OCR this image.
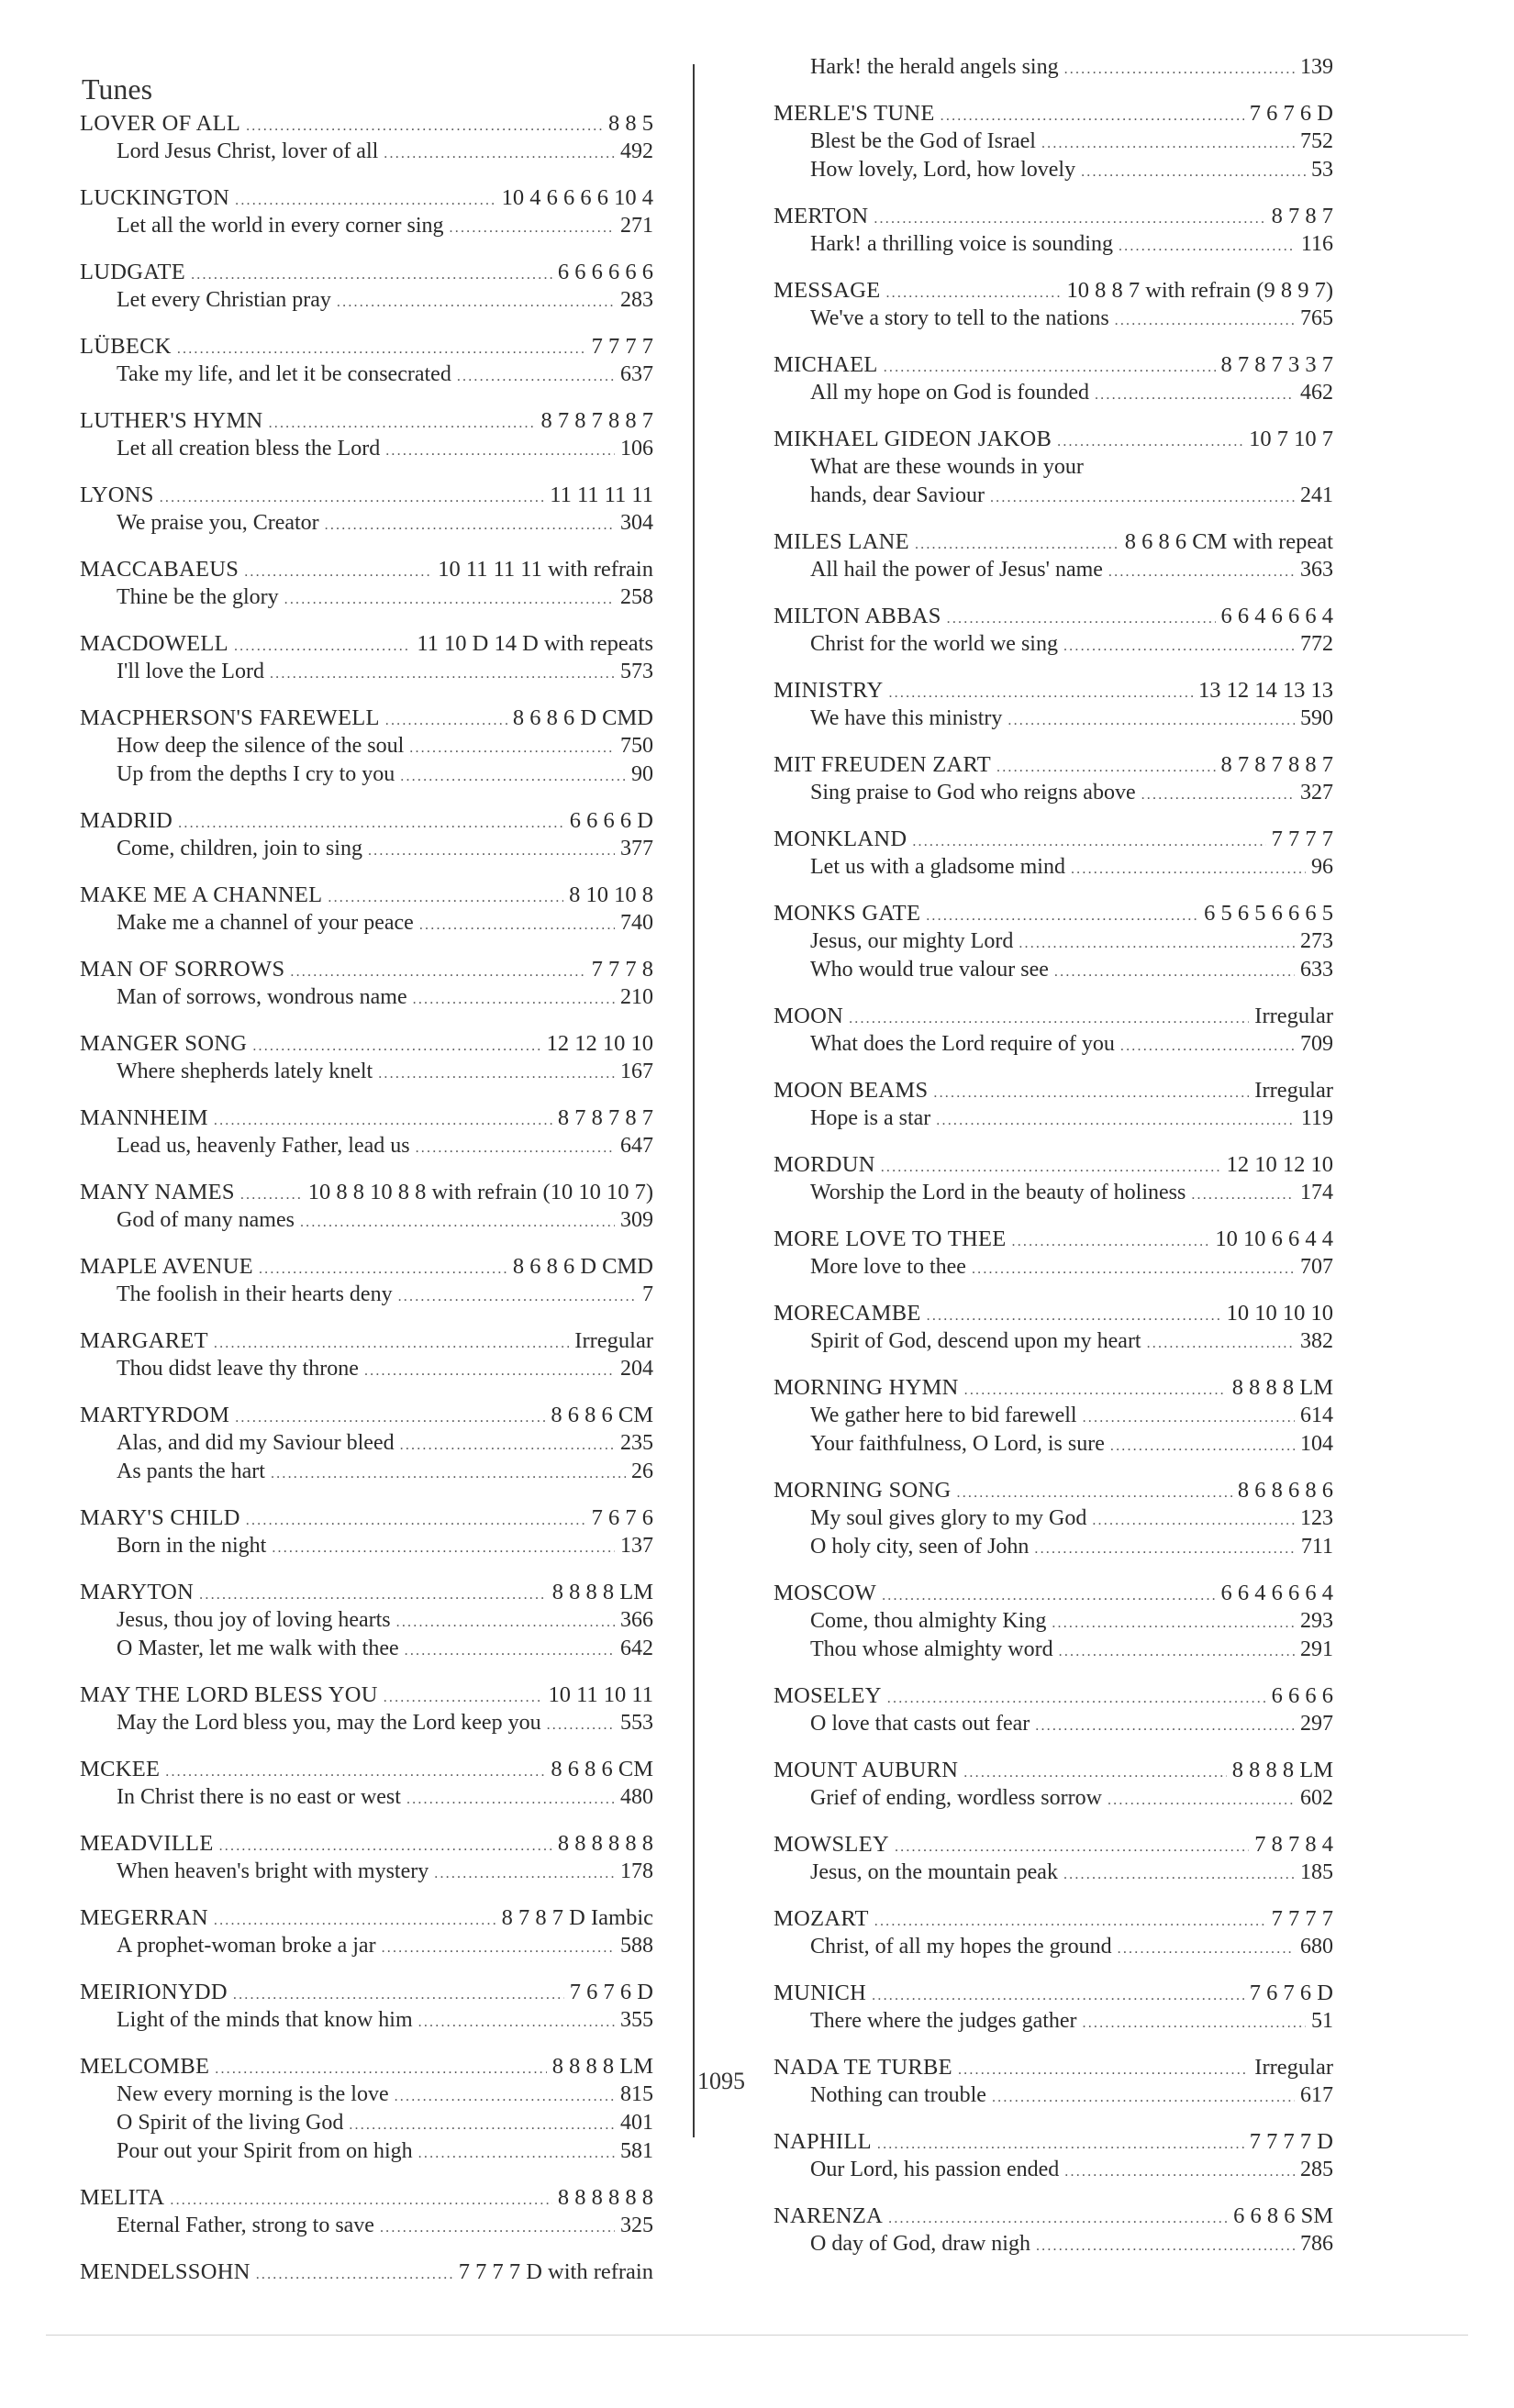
Tunes
LOVER OF ALL .....	8 8 5
Lord Jesus Christ, lover of all .....	492
LUCKINGTON .....	10 4 6 6 6 6 10 4
Let all the world in every corner sing .....	271
LUDGATE .....	6 6 6 6 6 6
Let every Christian pray .....	283
LÜBECK .....	7 7 7 7
Take my life, and let it be consecrated .....	637
LUTHER'S HYMN .....	8 7 8 7 8 8 7
Let all creation bless the Lord .....	106
LYONS .....	11 11 11 11
We praise you, Creator .....	304
MACCABAEUS .....	10 11 11 11 with refrain
Thine be the glory .....	258
MACDOWELL .....	11 10 D 14 D with repeats
I'll love the Lord .....	573
MACPHERSON'S FAREWELL .....	8 6 8 6 D CMD
How deep the silence of the soul .....	750
Up from the depths I cry to you .....	90
MADRID .....	6 6 6 6 D
Come, children, join to sing .....	377
MAKE ME A CHANNEL .....	8 10 10 8
Make me a channel of your peace .....	740
MAN OF SORROWS .....	7 7 7 8
Man of sorrows, wondrous name .....	210
MANGER SONG .....	12 12 10 10
Where shepherds lately knelt .....	167
MANNHEIM .....	8 7 8 7 8 7
Lead us, heavenly Father, lead us .....	647
MANY NAMES .....	10 8 8 10 8 8 with refrain (10 10 10 7)
God of many names .....	309
MAPLE AVENUE .....	8 6 8 6 D CMD
The foolish in their hearts deny .....	7
MARGARET .....	Irregular
Thou didst leave thy throne .....	204
MARTYRDOM .....	8 6 8 6 CM
Alas, and did my Saviour bleed .....	235
As pants the hart .....	26
MARY'S CHILD .....	7 6 7 6
Born in the night .....	137
MARYTON .....	8 8 8 8 LM
Jesus, thou joy of loving hearts .....	366
O Master, let me walk with thee .....	642
MAY THE LORD BLESS YOU .....	10 11 10 11
May the Lord bless you, may the Lord keep you .....	553
MCKEE .....	8 6 8 6 CM
In Christ there is no east or west .....	480
MEADVILLE .....	8 8 8 8 8 8
When heaven's bright with mystery .....	178
MEGERRAN .....	8 7 8 7 D Iambic
A prophet-woman broke a jar .....	588
MEIRIONYDD .....	7 6 7 6 D
Light of the minds that know him .....	355
MELCOMBE .....	8 8 8 8 LM
New every morning is the love .....	815
O Spirit of the living God .....	401
Pour out your Spirit from on high .....	581
MELITA .....	8 8 8 8 8 8
Eternal Father, strong to save .....	325
MENDELSSOHN .....	7 7 7 7 D with refrain
Hark! the herald angels sing .....	139
MERLE'S TUNE .....	7 6 7 6 D
Blest be the God of Israel .....	752
How lovely, Lord, how lovely .....	53
MERTON .....	8 7 8 7
Hark! a thrilling voice is sounding .....	116
MESSAGE .....	10 8 8 7 with refrain (9 8 9 7)
We've a story to tell to the nations .....	765
MICHAEL .....	8 7 8 7 3 3 7
All my hope on God is founded .....	462
MIKHAEL GIDEON JAKOB .....	10 7 10 7
What are these wounds in your
hands, dear Saviour .....	241
MILES LANE .....	8 6 8 6 CM with repeat
All hail the power of Jesus' name .....	363
MILTON ABBAS .....	6 6 4 6 6 6 4
Christ for the world we sing .....	772
MINISTRY .....	13 12 14 13 13
We have this ministry .....	590
MIT FREUDEN ZART .....	8 7 8 7 8 8 7
Sing praise to God who reigns above .....	327
MONKLAND .....	7 7 7 7
Let us with a gladsome mind .....	96
MONKS GATE .....	6 5 6 5 6 6 6 5
Jesus, our mighty Lord .....	273
Who would true valour see .....	633
MOON .....	Irregular
What does the Lord require of you .....	709
MOON BEAMS .....	Irregular
Hope is a star .....	119
MORDUN .....	12 10 12 10
Worship the Lord in the beauty of holiness .....	174
MORE LOVE TO THEE .....	10 10 6 6 4 4
More love to thee .....	707
MORECAMBE .....	10 10 10 10
Spirit of God, descend upon my heart .....	382
MORNING HYMN .....	8 8 8 8 LM
We gather here to bid farewell .....	614
Your faithfulness, O Lord, is sure .....	104
MORNING SONG .....	8 6 8 6 8 6
My soul gives glory to my God .....	123
O holy city, seen of John .....	711
MOSCOW .....	6 6 4 6 6 6 4
Come, thou almighty King .....	293
Thou whose almighty word .....	291
MOSELEY .....	6 6 6 6
O love that casts out fear .....	297
MOUNT AUBURN .....	8 8 8 8 LM
Grief of ending, wordless sorrow .....	602
MOWSLEY .....	7 8 7 8 4
Jesus, on the mountain peak .....	185
MOZART .....	7 7 7 7
Christ, of all my hopes the ground .....	680
MUNICH .....	7 6 7 6 D
There where the judges gather .....	51
NADA TE TURBE .....	Irregular
Nothing can trouble .....	617
NAPHILL .....	7 7 7 7 D
Our Lord, his passion ended .....	285
NARENZA .....	6 6 8 6 SM
O day of God, draw nigh .....	786
1095
